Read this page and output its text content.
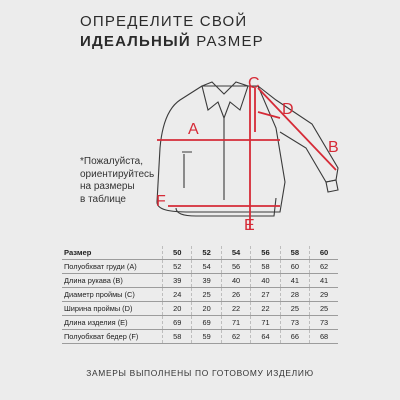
ОПРЕДЕЛИТЕ СВОЙ
ИДЕАЛЬНЫЙ РАЗМЕР
*Пожалуйста,
ориентируйтесь
на размеры
в таблице
A
B
C
D
E
F
Размер	50	52	54	56	58	60
Полуобхват груди (А)	52	54	56	58	60	62
Длина рукава (В)	39	39	40	40	41	41
Диаметр проймы (С)	24	25	26	27	28	29
Ширина проймы (D)	20	20	22	22	25	25
Длина изделия (Е)	69	69	71	71	73	73
Полуобхват бедер (F)	58	59	62	64	66	68
ЗАМЕРЫ ВЫПОЛНЕНЫ ПО ГОТОВОМУ ИЗДЕЛИЮ
